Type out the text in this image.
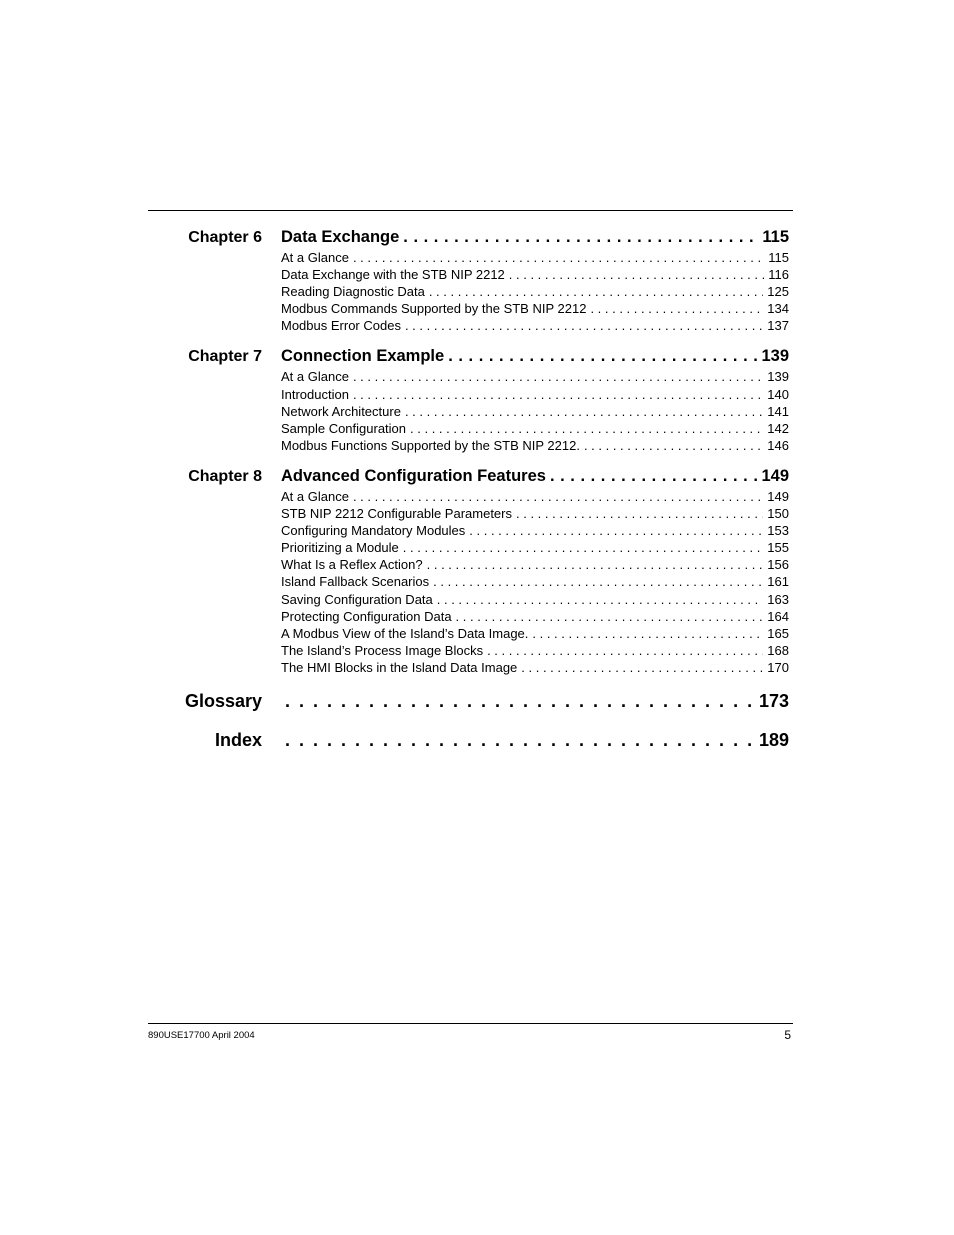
Chapter 6 Data Exchange . . .	115
At a Glance . . .	115
Data Exchange with the STB NIP 2212 . . .	116
Reading Diagnostic Data . . .	125
Modbus Commands Supported by the STB NIP 2212 . . .	134
Modbus Error Codes . . .	137
Chapter 7 Connection Example . . .	139
At a Glance . . .	139
Introduction . . .	140
Network Architecture . . .	141
Sample Configuration . . .	142
Modbus Functions Supported by the STB NIP 2212. . . .	146
Chapter 8 Advanced Configuration Features . . .	149
At a Glance . . .	149
STB NIP 2212 Configurable Parameters . . .	150
Configuring Mandatory Modules . . .	153
Prioritizing a Module . . .	155
What Is a Reflex Action? . . .	156
Island Fallback Scenarios . . .	161
Saving Configuration Data . . .	163
Protecting Configuration Data . . .	164
A Modbus View of the Island’s Data Image. . . .	165
The Island’s Process Image Blocks . . .	168
The HMI Blocks in the Island Data Image . . .	170
Glossary . . .	173
Index . . .	189
890USE17700 April 2004	5
